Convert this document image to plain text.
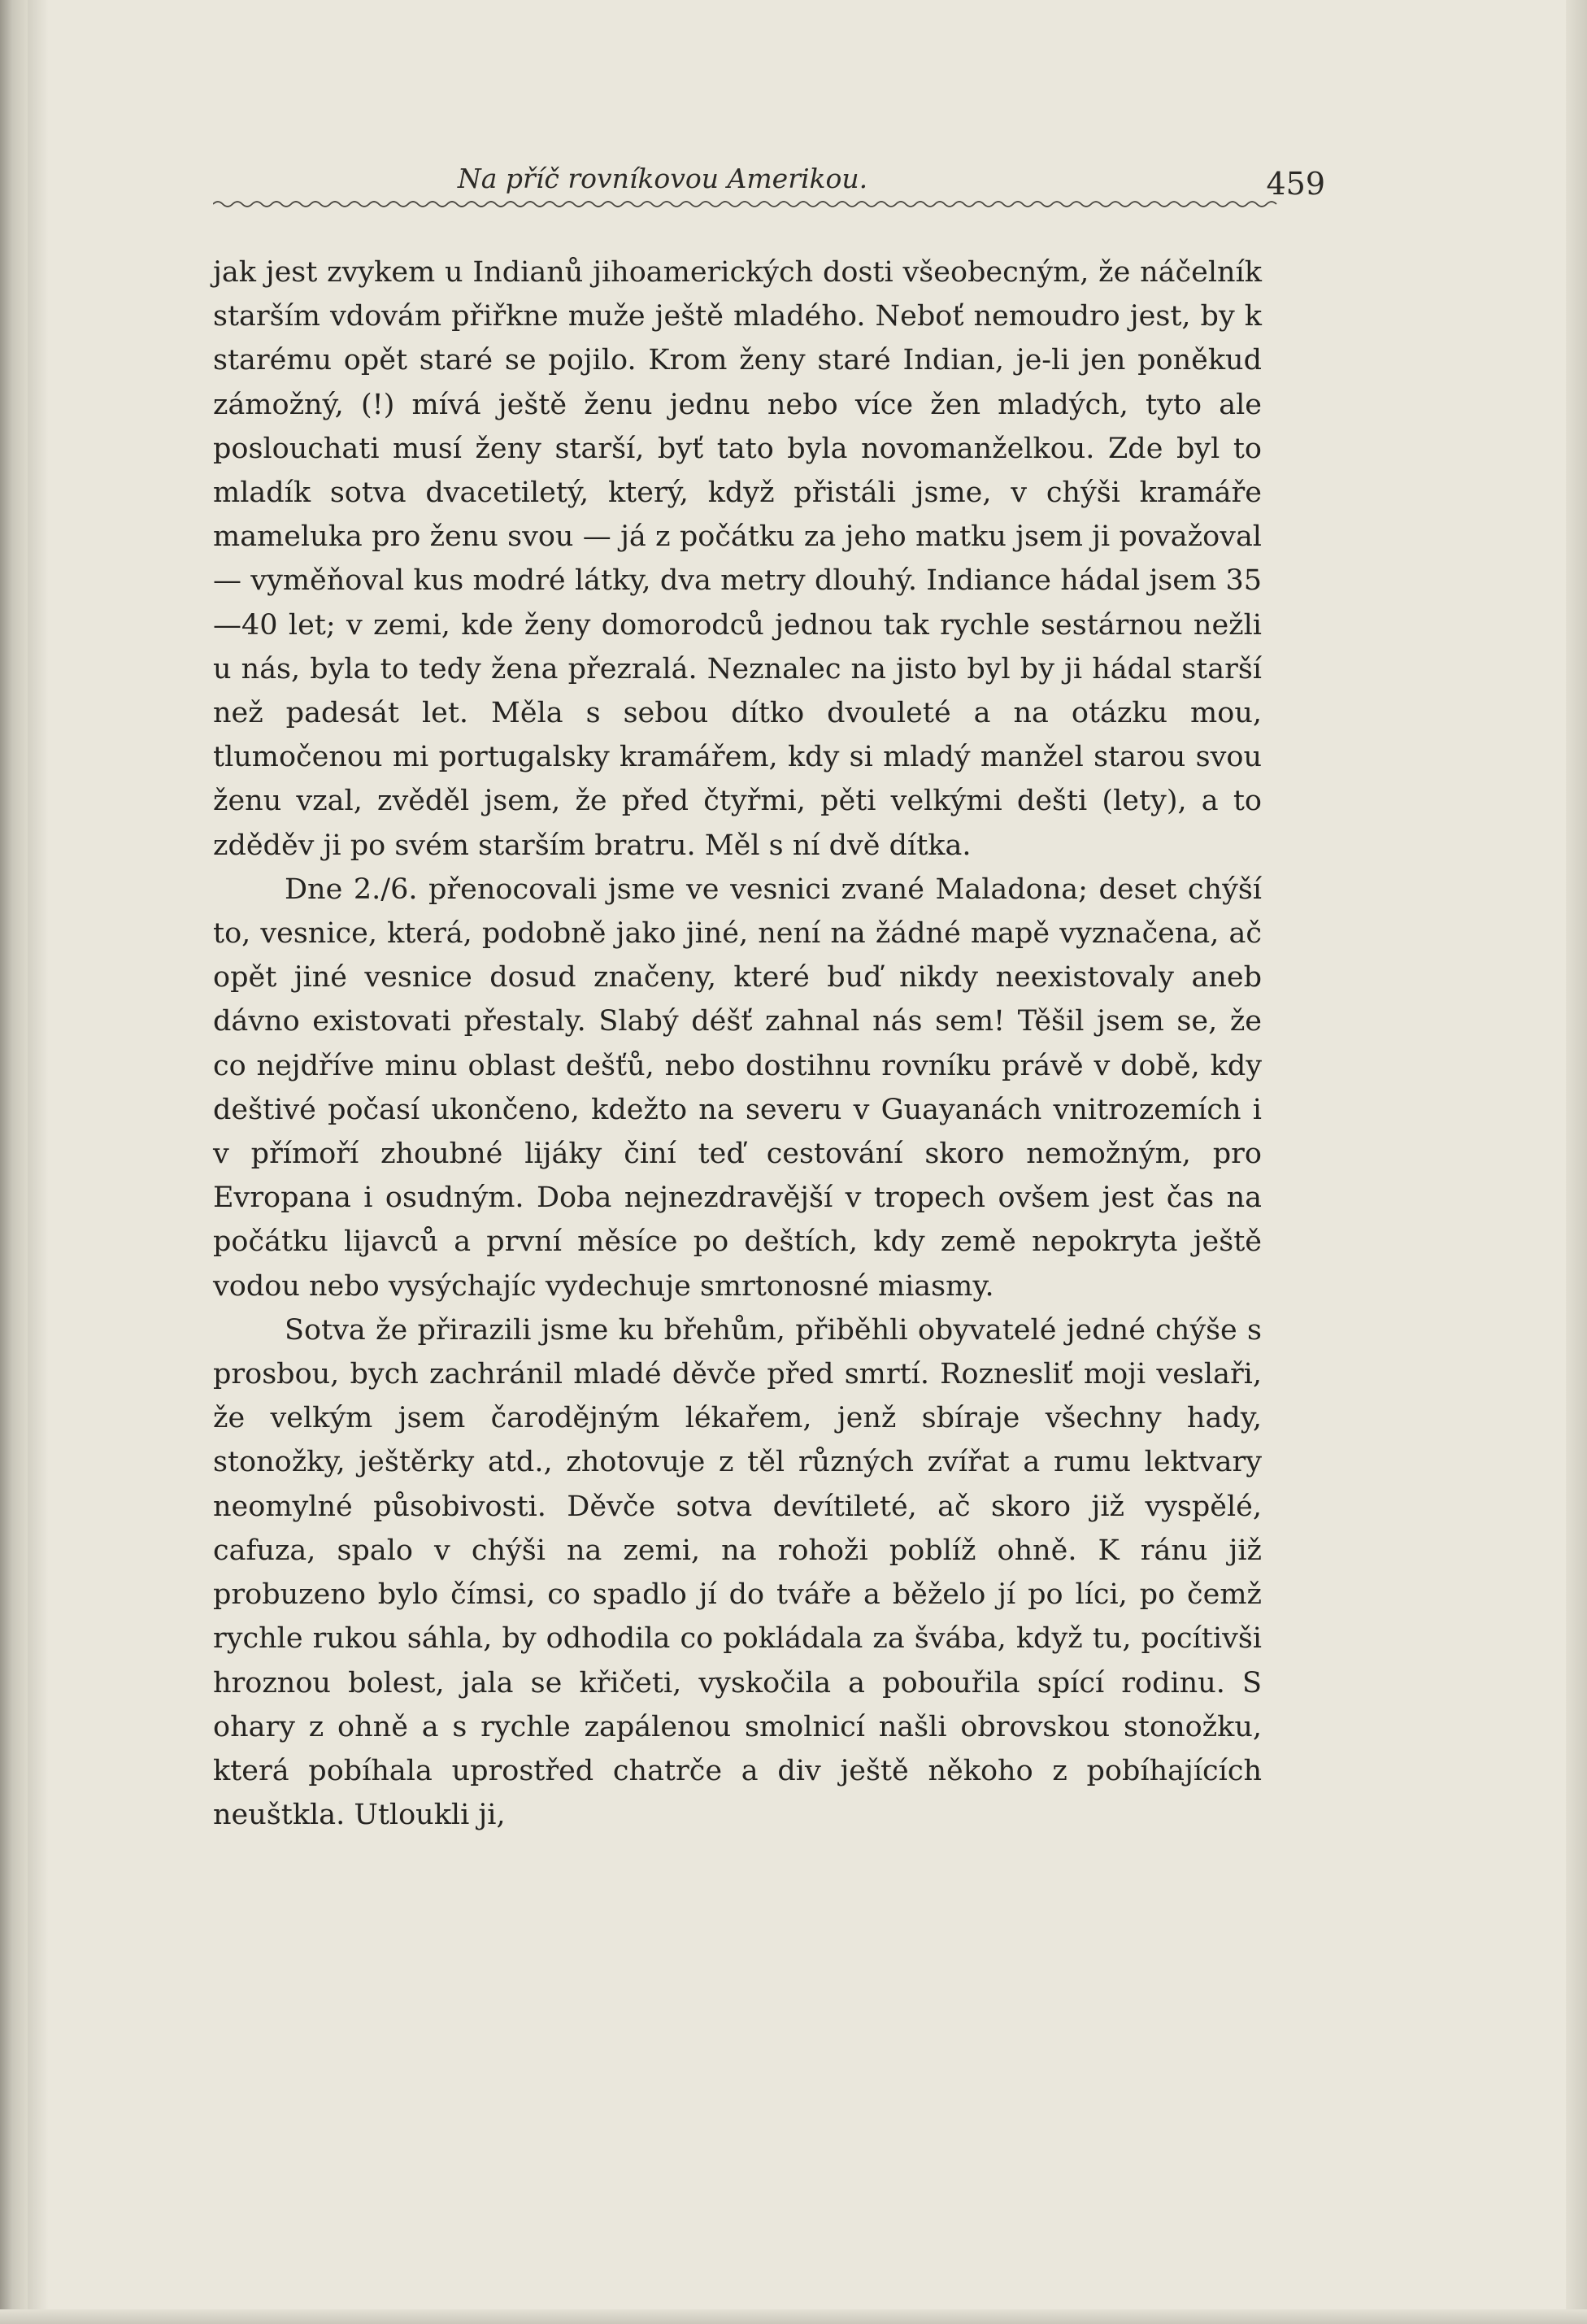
Na příč rovníkovou Amerikou.	459

jak jest zvykem u Indianů jihoamerických dosti všeobecným, že náčelník starším vdovám přiřkne muže ještě mladého. Neboť nemoudro jest, by k starému opět staré se pojilo. Krom ženy staré Indian, je-li jen poněkud zámožný, (!) mívá ještě ženu jednu nebo více žen mladých, tyto ale poslouchati musí ženy starší, byť tato byla novomanželkou. Zde byl to mladík sotva dvacetiletý, který, když přistáli jsme, v chýši kramáře mameluka pro ženu svou — já z počátku za jeho matku jsem ji považoval — vyměňoval kus modré látky, dva metry dlouhý. Indiance hádal jsem 35—40 let; v zemi, kde ženy domorodců jednou tak rychle sestárnou nežli u nás, byla to tedy žena přezralá. Neznalec na jisto byl by ji hádal starší než padesát let. Měla s sebou dítko dvouleté a na otázku mou, tlumočenou mi portugalsky kramářem, kdy si mladý manžel starou svou ženu vzal, zvěděl jsem, že před čtyřmi, pěti velkými dešti (lety), a to zděděv ji po svém starším bratru. Měl s ní dvě dítka.

Dne 2./6. přenocovali jsme ve vesnici zvané Maladona; deset chýší to, vesnice, která, podobně jako jiné, není na žádné mapě vyznačena, ač opět jiné vesnice dosud značeny, které buď nikdy neexistovaly aneb dávno existovati přestaly. Slabý déšť zahnal nás sem! Těšil jsem se, že co nejdříve minu oblast dešťů, nebo dostihnu rovníku právě v době, kdy deštivé počasí ukončeno, kdežto na severu v Guayanách vnitrozemích i v přímoří zhoubné lijáky činí teď cestování skoro nemožným, pro Evropana i osudným. Doba nejnezdravější v tropech ovšem jest čas na počátku lijavců a první měsíce po deštích, kdy země nepokryta ještě vodou nebo vysýchajíc vydechuje smrtonosné miasmy.

Sotva že přirazili jsme ku břehům, přiběhli obyvatelé jedné chýše s prosbou, bych zachránil mladé děvče před smrtí. Roznesliť moji veslaři, že velkým jsem čarodějným lékařem, jenž sbíraje všechny hady, stonožky, ještěrky atd., zhotovuje z těl různých zvířat a rumu lektvary neomylné působivosti. Děvče sotva devítileté, ač skoro již vyspělé, cafuza, spalo v chýši na zemi, na rohoži poblíž ohně. K ránu již probuzeno bylo čímsi, co spadlo jí do tváře a běželo jí po líci, po čemž rychle rukou sáhla, by odhodila co pokládala za švába, když tu, pocítivši hroznou bolest, jala se křičeti, vyskočila a pobouřila spící rodinu. S ohary z ohně a s rychle zapálenou smolnicí našli obrovskou stonožku, která pobíhala uprostřed chatrče a div ještě někoho z pobíhajících neuštkla. Utloukli ji,
